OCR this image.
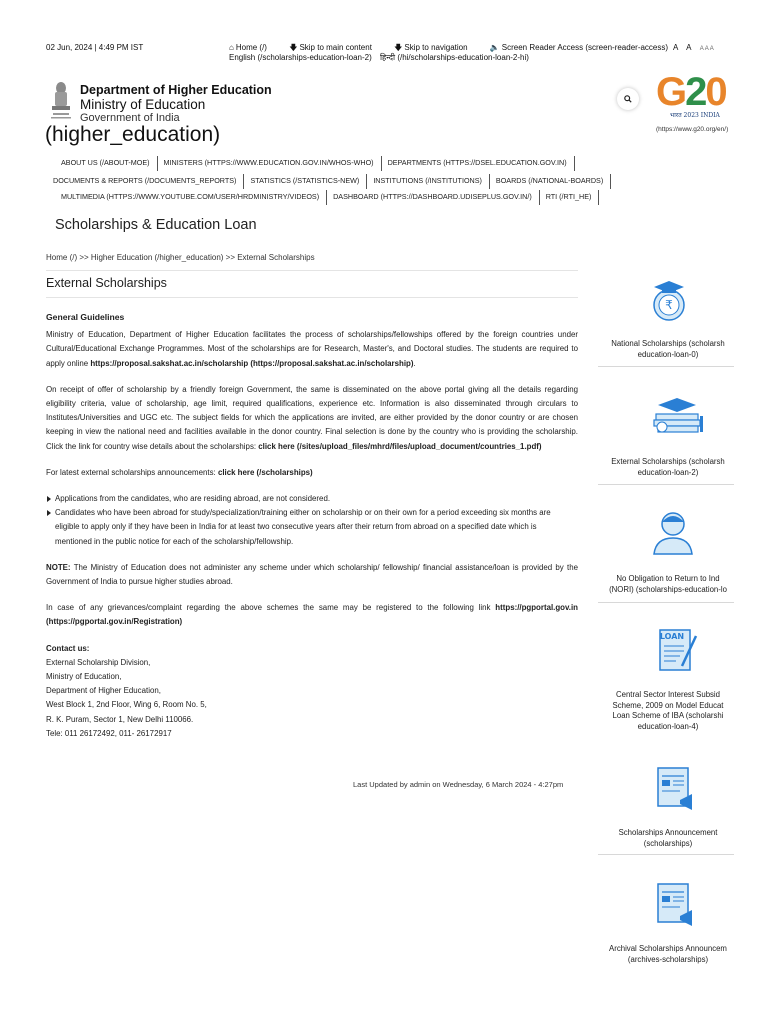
02 Jun, 2024 | 4:49 PM IST	⌂ Home (/)	🡇 Skip to main content	🡇 Skip to navigation	🔈 Screen Reader Access (screen-reader-access)
English (/scholarships-education-loan-2) हिन्दी (/hi/scholarships-education-loan-2-hi)
A A A A A
Department of Higher Education
Ministry of Education
Government of India
(higher_education)
G20
भारत 2023 INDIA
(https://www.g20.org/en/)
ABOUT US (/ABOUT-MOE) MINISTERS (HTTPS://WWW.EDUCATION.GOV.IN/WHOS-WHO) DEPARTMENTS (HTTPS://DSEL.EDUCATION.GOV.IN)
DOCUMENTS & REPORTS (/DOCUMENTS_REPORTS) STATISTICS (/STATISTICS-NEW) INSTITUTIONS (/INSTITUTIONS) BOARDS (/NATIONAL-BOARDS)
MULTIMEDIA (HTTPS://WWW.YOUTUBE.COM/USER/HRDMINISTRY/VIDEOS) DASHBOARD (HTTPS://DASHBOARD.UDISEPLUS.GOV.IN/) RTI (/RTI_HE)
Scholarships & Education Loan
Home (/) >> Higher Education (/higher_education) >> External Scholarships
External Scholarships
General Guidelines

Ministry of Education, Department of Higher Education facilitates the process of scholarships/fellowships offered by the foreign countries under Cultural/Educational Exchange Programmes. Most of the scholarships are for Research, Master's, and Doctoral studies. The students are required to apply online https://proposal.sakshat.ac.in/scholarship (https://proposal.sakshat.ac.in/scholarship).

On receipt of offer of scholarship by a friendly foreign Government, the same is disseminated on the above portal giving all the details regarding eligibility criteria, value of scholarship, age limit, required qualifications, experience etc. Information is also disseminated through circulars to Institutes/Universities and UGC etc. The subject fields for which the applications are invited, are either provided by the donor country or are chosen keeping in view the national need and facilities available in the donor country. Final selection is done by the country who is providing the scholarship. Click the link for country wise details about the scholarships: click here (/sites/upload_files/mhrd/files/upload_document/countries_1.pdf)

For latest external scholarships announcements: click here (/scholarships)

Applications from the candidates, who are residing abroad, are not considered.
Candidates who have been abroad for study/specialization/training either on scholarship or on their own for a period exceeding six months are eligible to apply only if they have been in India for at least two consecutive years after their return from abroad on a specified date which is mentioned in the public notice for each of the scholarship/fellowship.

NOTE: The Ministry of Education does not administer any scheme under which scholarship/ fellowship/ financial assistance/loan is provided by the Government of India to pursue higher studies abroad.

In case of any grievances/complaint regarding the above schemes the same may be registered to the following link https://pgportal.gov.in (https://pgportal.gov.in/Registration)

Contact us:
External Scholarship Division,
Ministry of Education,
Department of Higher Education,
West Block 1, 2nd Floor, Wing 6, Room No. 5,
R. K. Puram, Sector 1, New Delhi 110066.
Tele: 011 26172492, 011- 26172917
Last Updated by admin on Wednesday, 6 March 2024 - 4:27pm
₹
National Scholarships (scholarsh
education-loan-0)
External Scholarships (scholarsh
education-loan-2)
No Obligation to Return to Ind
(NORI) (scholarships-education-lo
LOAN
Central Sector Interest Subsid
Scheme, 2009 on Model Educat
Loan Scheme of IBA (scholarshi
education-loan-4)
Scholarships Announcement
(scholarships)
Archival Scholarships Announcem
(archives-scholarships)
